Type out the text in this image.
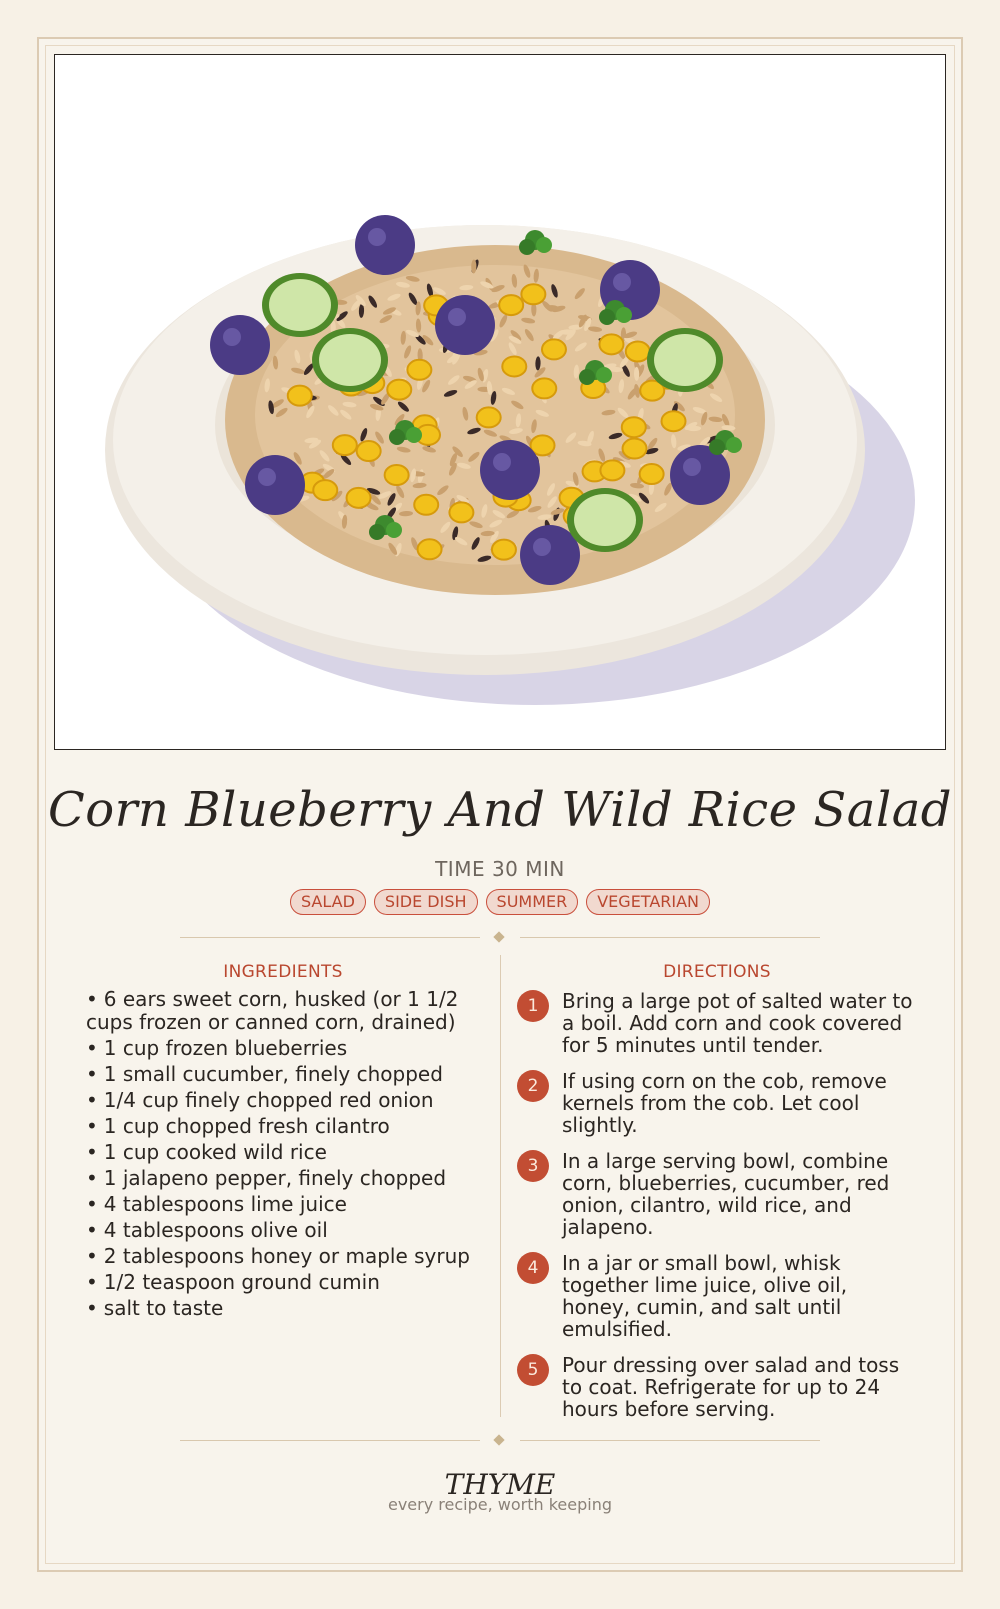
Corn Blueberry And Wild Rice Salad
TIME 30 MIN
SALAD	SIDE DISH	SUMMER	VEGETARIAN
INGREDIENTS	DIRECTIONS
• 6 ears sweet corn, husked (or 1 1/2 cups frozen or canned corn, drained)
• 1 cup frozen blueberries
• 1 small cucumber, finely chopped
• 1/4 cup finely chopped red onion
• 1 cup chopped fresh cilantro
• 1 cup cooked wild rice
• 1 jalapeno pepper, finely chopped
• 4 tablespoons lime juice
• 4 tablespoons olive oil
• 2 tablespoons honey or maple syrup
• 1/2 teaspoon ground cumin
• salt to taste
1	Bring a large pot of salted water to a boil. Add corn and cook covered for 5 minutes until tender.
2	If using corn on the cob, remove kernels from the cob. Let cool slightly.
3	In a large serving bowl, combine corn, blueberries, cucumber, red onion, cilantro, wild rice, and jalapeno.
4	In a jar or small bowl, whisk together lime juice, olive oil, honey, cumin, and salt until emulsified.
5	Pour dressing over salad and toss to coat. Refrigerate for up to 24 hours before serving.
THYME
every recipe, worth keeping
